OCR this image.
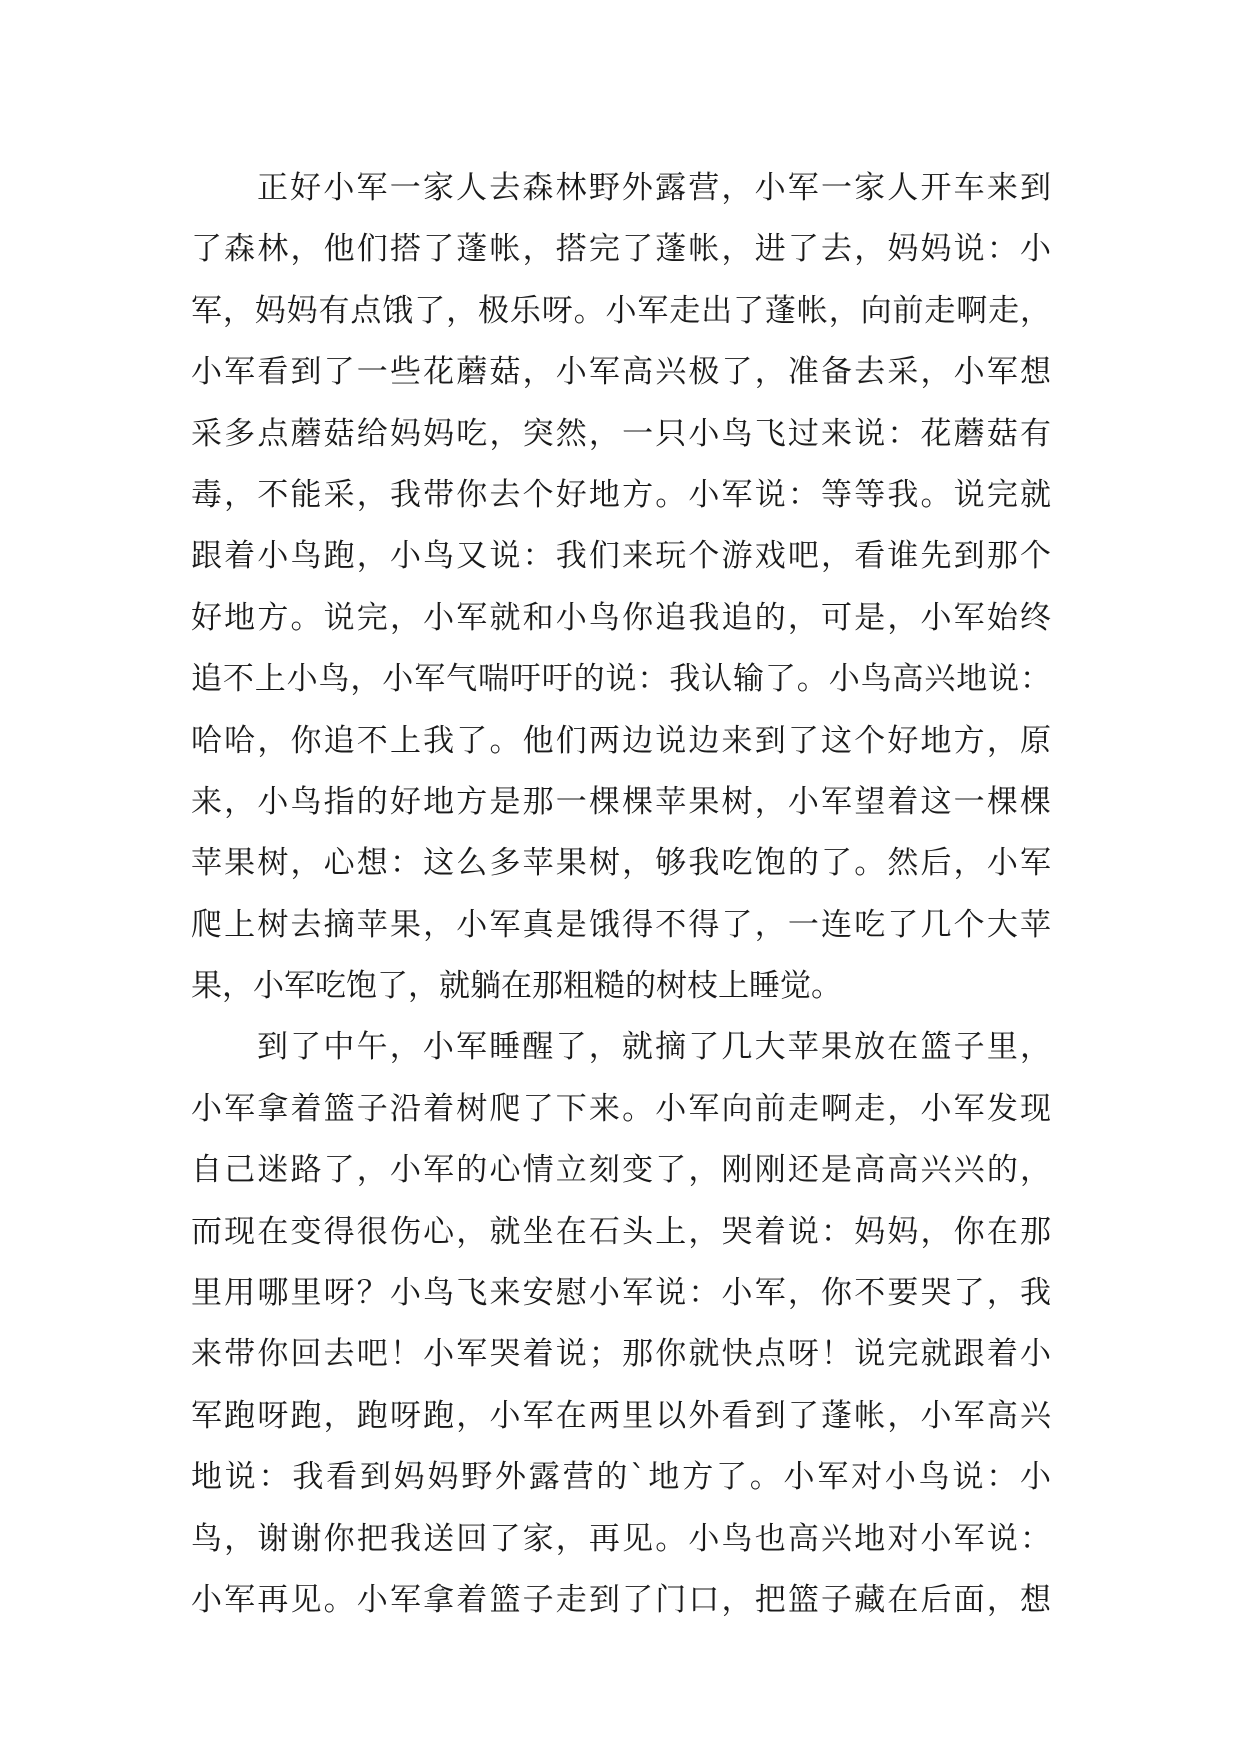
正好小军一家人去森林野外露营，小军一家人开车来到
了森林，他们搭了蓬帐，搭完了蓬帐，进了去，妈妈说：小
军，妈妈有点饿了，极乐呀。小军走出了蓬帐，向前走啊走，
小军看到了一些花蘑菇，小军高兴极了，准备去采，小军想
采多点蘑菇给妈妈吃，突然，一只小鸟飞过来说：花蘑菇有
毒，不能采，我带你去个好地方。小军说：等等我。说完就
跟着小鸟跑，小鸟又说：我们来玩个游戏吧，看谁先到那个
好地方。说完，小军就和小鸟你追我追的，可是，小军始终
追不上小鸟，小军气喘吁吁的说：我认输了。小鸟高兴地说：
哈哈，你追不上我了。他们两边说边来到了这个好地方，原
来，小鸟指的好地方是那一棵棵苹果树，小军望着这一棵棵
苹果树，心想：这么多苹果树，够我吃饱的了。然后，小军
爬上树去摘苹果，小军真是饿得不得了，一连吃了几个大苹
果，小军吃饱了，就躺在那粗糙的树枝上睡觉。
到了中午，小军睡醒了，就摘了几大苹果放在篮子里，
小军拿着篮子沿着树爬了下来。小军向前走啊走，小军发现
自己迷路了，小军的心情立刻变了，刚刚还是高高兴兴的，
而现在变得很伤心，就坐在石头上，哭着说：妈妈，你在那
里用哪里呀？小鸟飞来安慰小军说：小军，你不要哭了，我
来带你回去吧！小军哭着说；那你就快点呀！说完就跟着小
军跑呀跑，跑呀跑，小军在两里以外看到了蓬帐，小军高兴
地说：我看到妈妈野外露营的`地方了。小军对小鸟说：小
鸟，谢谢你把我送回了家，再见。小鸟也高兴地对小军说：
小军再见。小军拿着篮子走到了门口，把篮子藏在后面，想
